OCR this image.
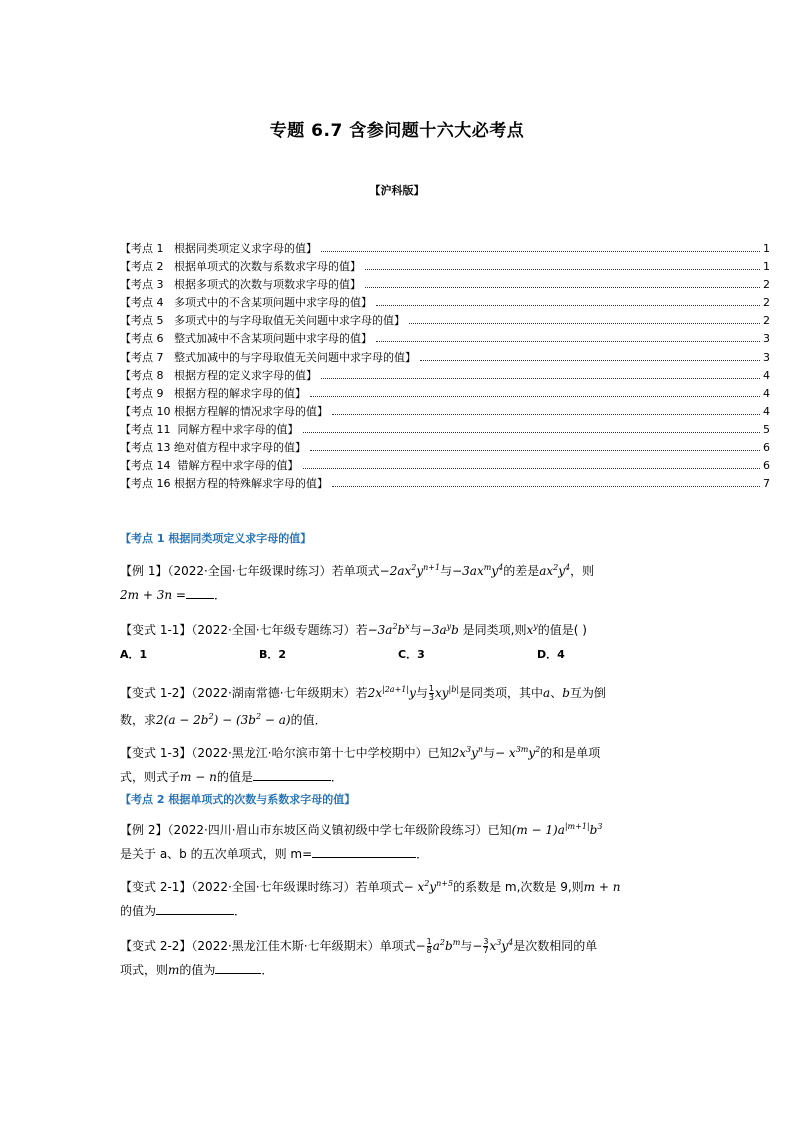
专题 6.7 含参问题十六大必考点
【沪科版】
【考点 1   根据同类项定义求字母的值】	1
【考点 2   根据单项式的次数与系数求字母的值】	1
【考点 3   根据多项式的次数与项数求字母的值】	2
【考点 4   多项式中的不含某项问题中求字母的值】	2
【考点 5   多项式中的与字母取值无关问题中求字母的值】	2
【考点 6   整式加减中不含某项问题中求字母的值】	3
【考点 7   整式加减中的与字母取值无关问题中求字母的值】	3
【考点 8   根据方程的定义求字母的值】	4
【考点 9   根据方程的解求字母的值】	4
【考点 10 根据方程解的情况求字母的值】	4
【考点 11  同解方程中求字母的值】	5
【考点 13 绝对值方程中求字母的值】	6
【考点 14  错解方程中求字母的值】	6
【考点 16 根据方程的特殊解求字母的值】	7

【考点 1 根据同类项定义求字母的值】

【例 1】（2022·全国·七年级课时练习）若单项式$-2ax^2y^{n+1}$与$-3ax^my^4$的差是$ax^2y^4$，则
2m + 3n = ．

【变式 1-1】（2022·全国·七年级专题练习）若$-3a^2b^x$与$-3a^yb$ 是同类项,则$x^y$的值是( )

A．1	B．2	C．3	D．4

【变式 1-2】（2022·湖南常德·七年级期末）若$2x^{|2a+1|}y$与 $\frac{1}{3} xy^{|b|}$是同类项，其中a、b互为倒
数，求$2(a - 2b^2) - (3b^2 - a)$的值．

【变式 1-3】（2022·黑龙江·哈尔滨市第十七中学校期中）已知$2x^3y^n$与− $x^{3m}y^2$的和是单项
式，则式子m − n的值是	．

【考点 2 根据单项式的次数与系数求字母的值】

【例 2】（2022·四川·眉山市东坡区尚义镇初级中学七年级阶段练习）已知$(m - 1)a^{|m+1|}b^3$
是关于 a、b 的五次单项式，则 m=	．

【变式 2-1】（2022·全国·七年级课时练习）若单项式− $x^2y^{n+5}$的系数是 m,次数是 9,则m + n
的值为	．

【变式 2-2】（2022·黑龙江佳木斯·七年级期末）单项式− $\frac{1}{8} a^2b^m$与− $\frac{3}{7} x^3y^4$是次数相同的单
项式，则m的值为	．
